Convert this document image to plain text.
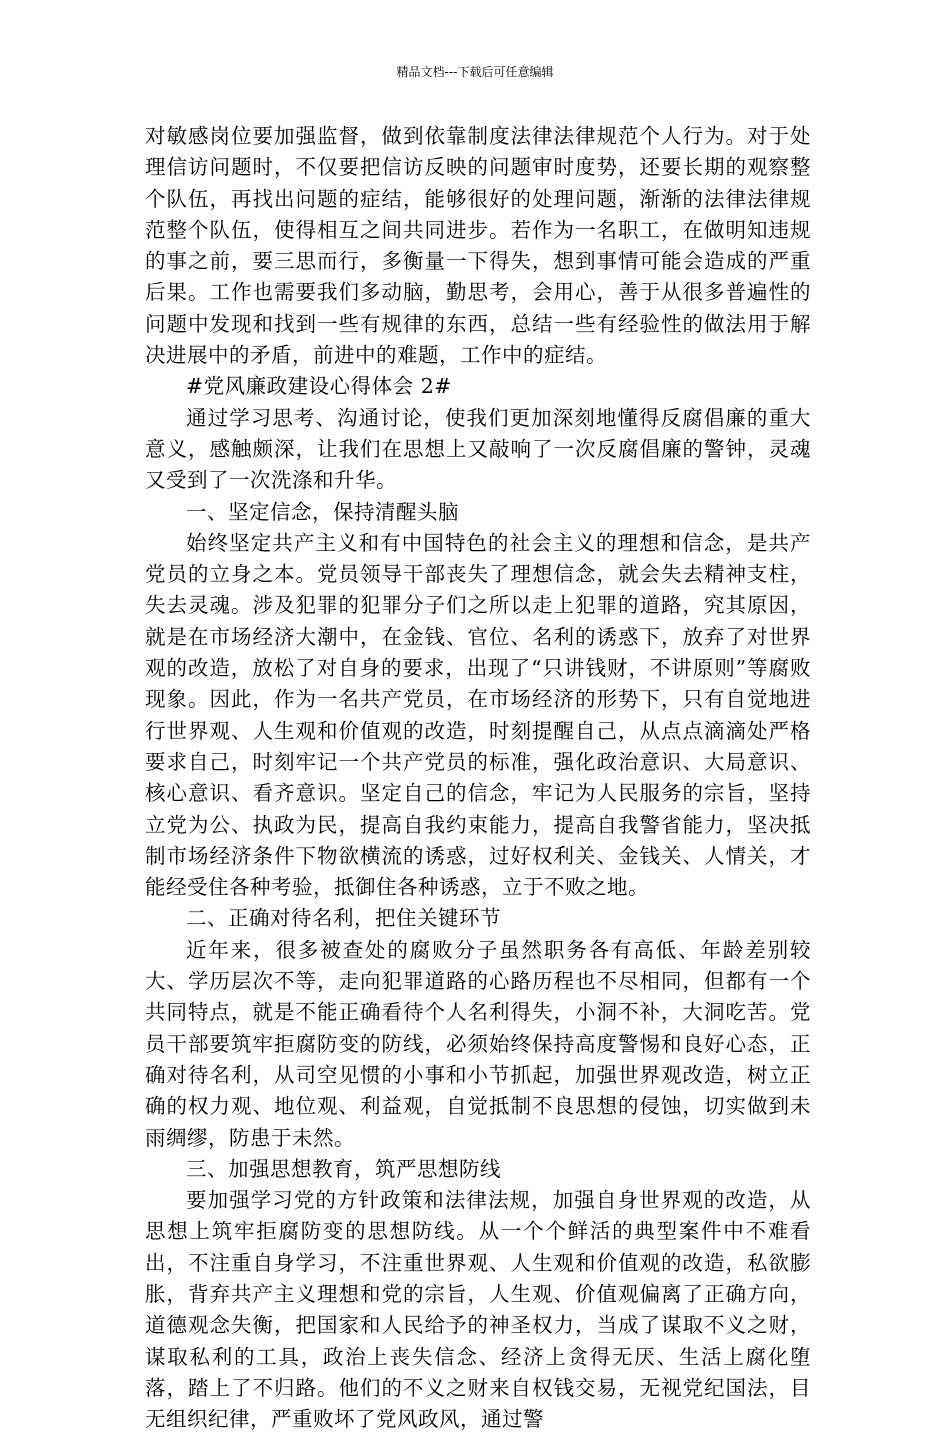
精品文档---下载后可任意编辑

对敏感岗位要加强监督，做到依靠制度法律法律规范个人行为。对于处理信访问题时，不仅要把信访反映的问题审时度势，还要长期的观察整个队伍，再找出问题的症结，能够很好的处理问题，渐渐的法律法律规范整个队伍，使得相互之间共同进步。若作为一名职工，在做明知违规的事之前，要三思而行，多衡量一下得失，想到事情可能会造成的严重后果。工作也需要我们多动脑，勤思考，会用心，善于从很多普遍性的问题中发现和找到一些有规律的东西，总结一些有经验性的做法用于解决进展中的矛盾，前进中的难题，工作中的症结。

#党风廉政建设心得体会 2#

通过学习思考、沟通讨论，使我们更加深刻地懂得反腐倡廉的重大意义，感触颇深，让我们在思想上又敲响了一次反腐倡廉的警钟，灵魂又受到了一次洗涤和升华。

一、坚定信念，保持清醒头脑

始终坚定共产主义和有中国特色的社会主义的理想和信念，是共产党员的立身之本。党员领导干部丧失了理想信念，就会失去精神支柱，失去灵魂。涉及犯罪的犯罪分子们之所以走上犯罪的道路，究其原因，就是在市场经济大潮中，在金钱、官位、名利的诱惑下，放弃了对世界观的改造，放松了对自身的要求，出现了“只讲钱财，不讲原则”等腐败现象。因此，作为一名共产党员，在市场经济的形势下，只有自觉地进行世界观、人生观和价值观的改造，时刻提醒自己，从点点滴滴处严格要求自己，时刻牢记一个共产党员的标准，强化政治意识、大局意识、核心意识、看齐意识。坚定自己的信念，牢记为人民服务的宗旨，坚持立党为公、执政为民，提高自我约束能力，提高自我警省能力，坚决抵制市场经济条件下物欲横流的诱惑，过好权利关、金钱关、人情关，才能经受住各种考验，抵御住各种诱惑，立于不败之地。

二、正确对待名利，把住关键环节

近年来，很多被查处的腐败分子虽然职务各有高低、年龄差别较大、学历层次不等，走向犯罪道路的心路历程也不尽相同，但都有一个共同特点，就是不能正确看待个人名利得失，小洞不补，大洞吃苦。党员干部要筑牢拒腐防变的防线，必须始终保持高度警惕和良好心态，正确对待名利，从司空见惯的小事和小节抓起，加强世界观改造，树立正确的权力观、地位观、利益观，自觉抵制不良思想的侵蚀，切实做到未雨绸缪，防患于未然。

三、加强思想教育，筑严思想防线

要加强学习党的方针政策和法律法规，加强自身世界观的改造，从思想上筑牢拒腐防变的思想防线。从一个个鲜活的典型案件中不难看出，不注重自身学习，不注重世界观、人生观和价值观的改造，私欲膨胀，背弃共产主义理想和党的宗旨，人生观、价值观偏离了正确方向，道德观念失衡，把国家和人民给予的神圣权力，当成了谋取不义之财，谋取私利的工具，政治上丧失信念、经济上贪得无厌、生活上腐化堕落，踏上了不归路。他们的不义之财来自权钱交易，无视党纪国法，目无组织纪律，严重败坏了党风政风，通过警
